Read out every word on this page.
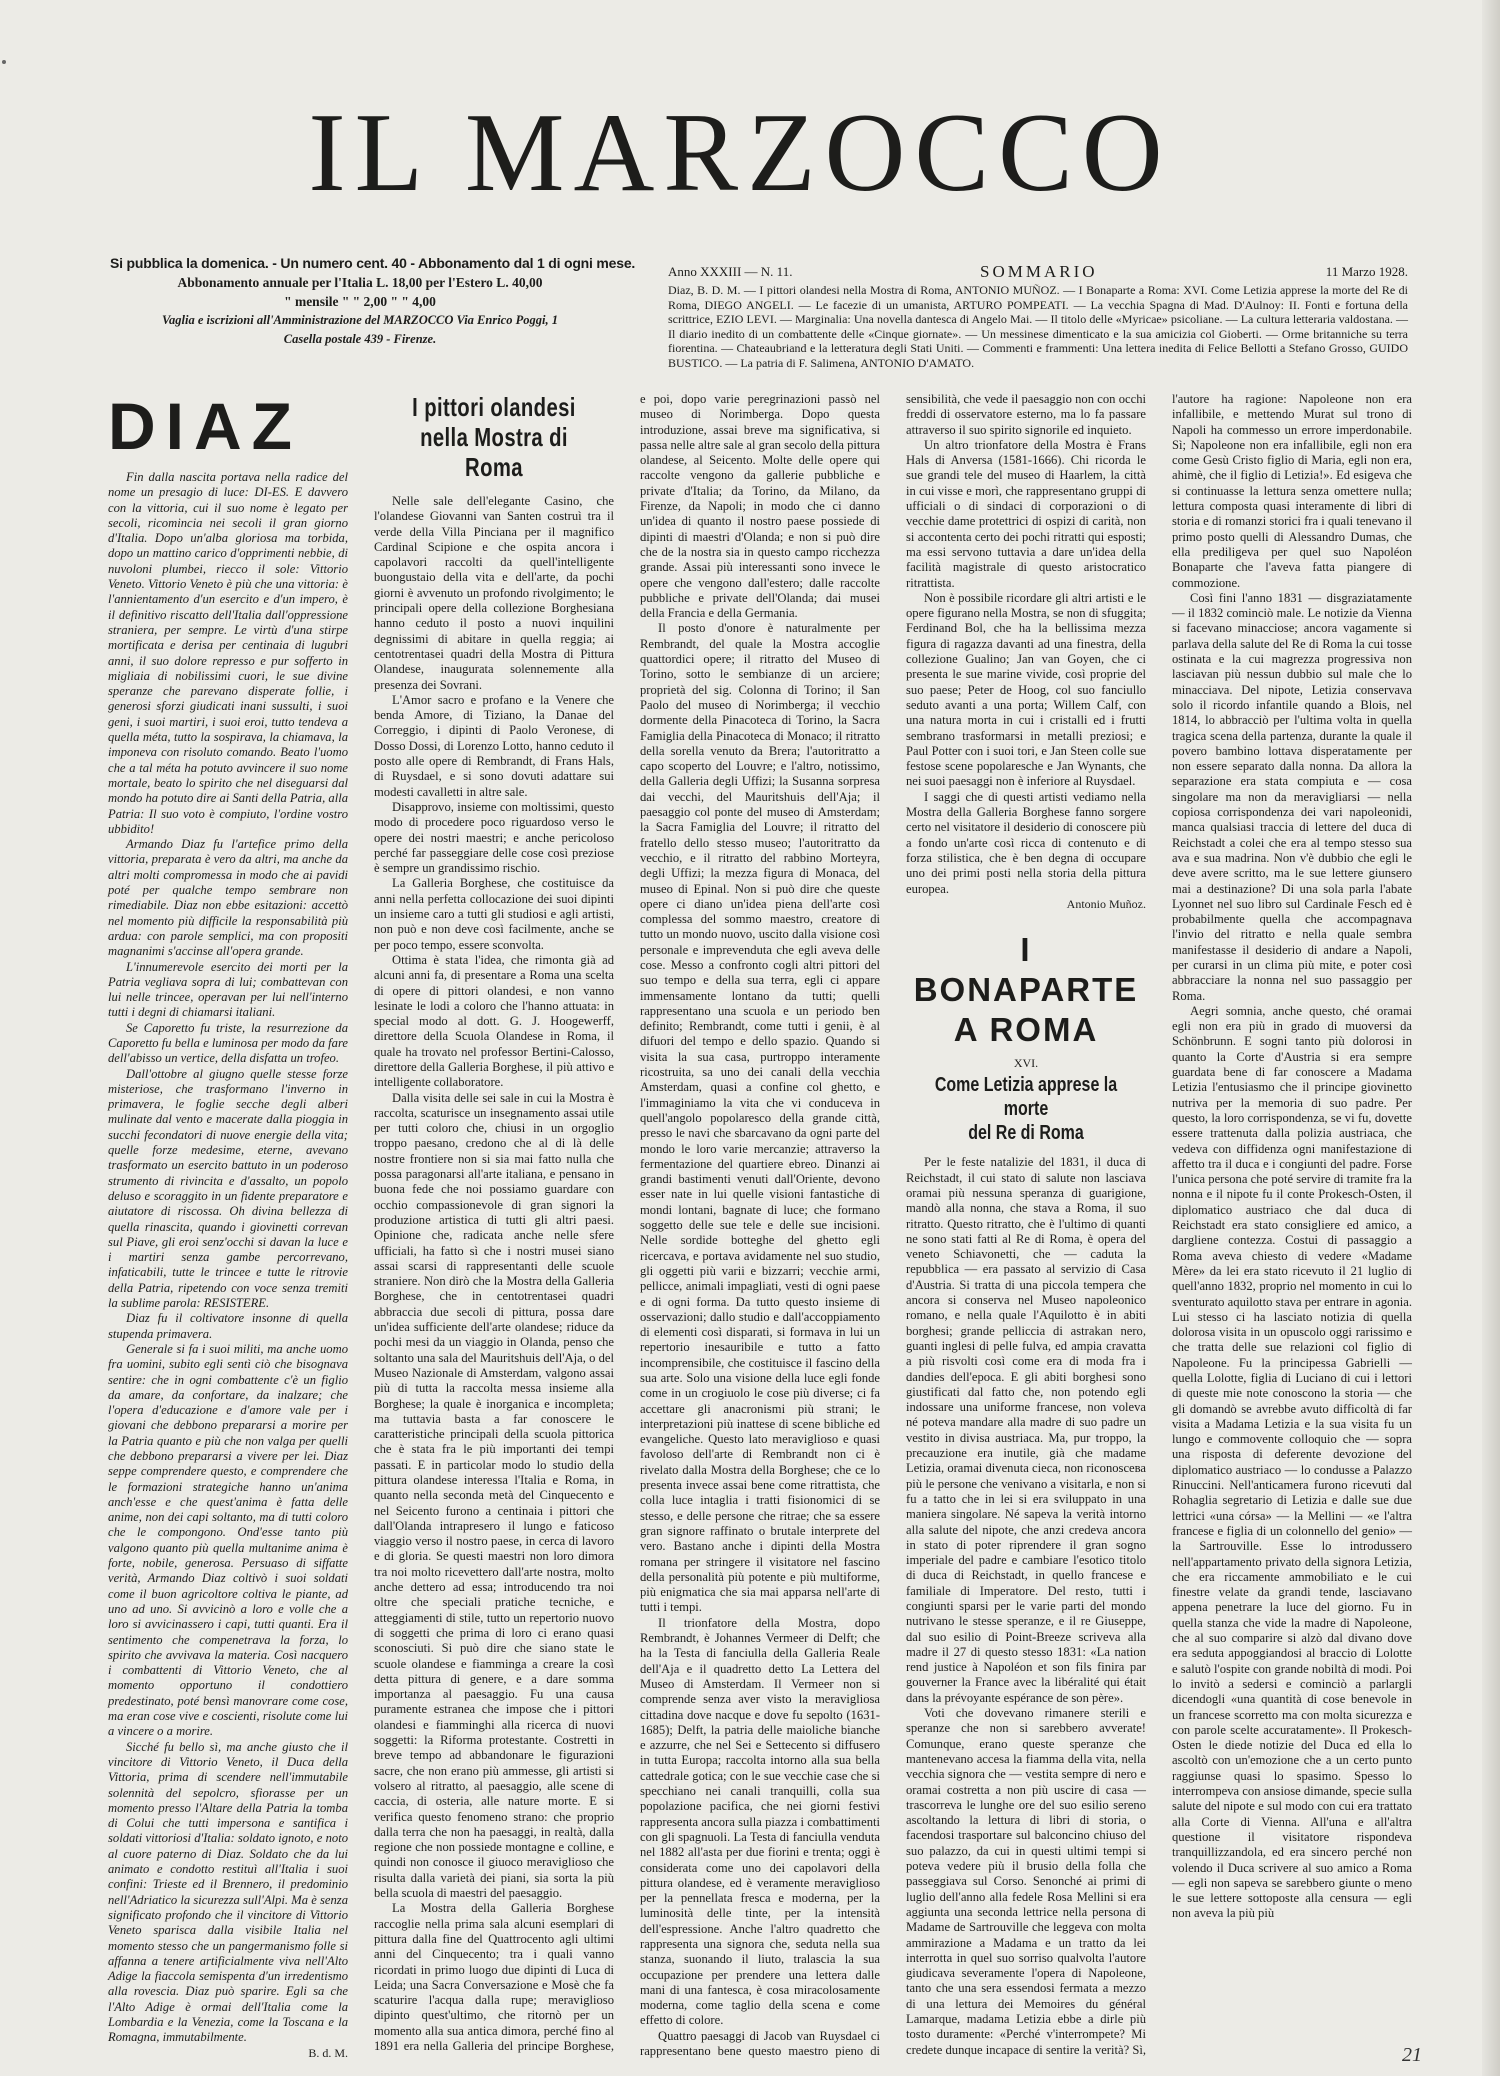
IL MARZOCCO
Si pubblica la domenica. - Un numero cent. 40 - Abbonamento dal 1 di ogni mese.
Abbonamento annuale per l'Italia L. 18,00 per l'Estero L. 40,00
" mensile " " 2,00 " " 4,00
Vaglia e iscrizioni all'Amministrazione del MARZOCCO Via Enrico Poggi, 1
Casella postale 439 - Firenze.
Anno XXXIII — N. 11.	SOMMARIO	11 Marzo 1928.
Diaz, B. D. M. — I pittori olandesi nella Mostra di Roma, ANTONIO MUÑOZ. — I Bonaparte a Roma: XVI. Come Letizia apprese la morte del Re di Roma, DIEGO ANGELI. — Le facezie di un umanista, ARTURO POMPEATI. — La vecchia Spagna di Mad. D'Aulnoy: II. Fonti e fortuna della scrittrice, EZIO LEVI. — Marginalia: Una novella dantesca di Angelo Mai. — Il titolo delle «Myricae» psicoliane. — La cultura letteraria valdostana. — Il diario inedito di un combattente delle «Cinque giornate». — Un messinese dimenticato e la sua amicizia col Gioberti. — Orme britanniche su terra fiorentina. — Chateaubriand e la letteratura degli Stati Uniti. — Commenti e frammenti: Una lettera inedita di Felice Bellotti a Stefano Grosso, GUIDO BUSTICO. — La patria di F. Salimena, ANTONIO D'AMATO.
DIAZ

Fin dalla nascita portava nella radice del nome un presagio di luce: DI-ES. E davvero con la vittoria, cui il suo nome è legato per secoli, ricomincia nei secoli il gran giorno d'Italia. Dopo un'alba gloriosa ma torbida, dopo un mattino carico d'opprimenti nebbie, di nuvoloni plumbei, riecco il sole: Vittorio Veneto. Vittorio Veneto è più che una vittoria: è l'annientamento d'un esercito e d'un impero, è il definitivo riscatto dell'Italia dall'oppressione straniera, per sempre. Le virtù d'una stirpe mortificata e derisa per centinaia di lugubri anni, il suo dolore represso e pur sofferto in migliaia di nobilissimi cuori, le sue divine speranze che parevano disperate follie, i generosi sforzi giudicati inani sussulti, i suoi geni, i suoi martiri, i suoi eroi, tutto tendeva a quella méta, tutto la sospirava, la chiamava, la imponeva con risoluto comando. Beato l'uomo che a tal méta ha potuto avvincere il suo nome mortale, beato lo spirito che nel diseguarsi dal mondo ha potuto dire ai Santi della Patria, alla Patria: Il suo voto è compiuto, l'ordine vostro ubbidito!

Armando Diaz fu l'artefice primo della vittoria, preparata è vero da altri, ma anche da altri molti compromessa in modo che ai pavidi poté per qualche tempo sembrare non rimediabile. Diaz non ebbe esitazioni: accettò nel momento più difficile la responsabilità più ardua: con parole semplici, ma con propositi magnanimi s'accinse all'opera grande.

L'innumerevole esercito dei morti per la Patria vegliava sopra di lui; combattevan con lui nelle trincee, operavan per lui nell'interno tutti i degni di chiamarsi italiani.

Se Caporetto fu triste, la resurrezione da Caporetto fu bella e luminosa per modo da fare dell'abisso un vertice, della disfatta un trofeo.

Dall'ottobre al giugno quelle stesse forze misteriose, che trasformano l'inverno in primavera, le foglie secche degli alberi mulinate dal vento e macerate dalla pioggia in succhi fecondatori di nuove energie della vita; quelle forze medesime, eterne, avevano trasformato un esercito battuto in un poderoso strumento di rivincita e d'assalto, un popolo deluso e scoraggito in un fidente preparatore e aiutatore di riscossa. Oh divina bellezza di quella rinascita, quando i giovinetti correvan sul Piave, gli eroi senz'occhi si davan la luce e i martiri senza gambe percorrevano, infaticabili, tutte le trincee e tutte le ritrovie della Patria, ripetendo con voce senza tremiti la sublime parola: RESISTERE.

Diaz fu il coltivatore insonne di quella stupenda primavera.

Generale si fa i suoi militi, ma anche uomo fra uomini, subito egli sentì ciò che bisognava sentire: che in ogni combattente c'è un figlio da amare, da confortare, da inalzare; che l'opera d'educazione e d'amore vale per i giovani che debbono prepararsi a morire per la Patria quanto e più che non valga per quelli che debbono prepararsi a vivere per lei. Diaz seppe comprendere questo, e comprendere che le formazioni strategiche hanno un'anima anch'esse e che quest'anima è fatta delle anime, non dei capi soltanto, ma di tutti coloro che le compongono. Ond'esse tanto più valgono quanto più quella multanime anima è forte, nobile, generosa. Persuaso di siffatte verità, Armando Diaz coltivò i suoi soldati come il buon agricoltore coltiva le piante, ad uno ad uno. Si avvicinò a loro e volle che a loro si avvicinassero i capi, tutti quanti. Era il sentimento che compenetrava la forza, lo spirito che avvivava la materia. Così nacquero i combattenti di Vittorio Veneto, che al momento opportuno il condottiero predestinato, poté bensì manovrare come cose, ma eran cose vive e coscienti, risolute come lui a vincere o a morire.

Sicché fu bello sì, ma anche giusto che il vincitore di Vittorio Veneto, il Duca della Vittoria, prima di scendere nell'immutabile solennità del sepolcro, sfiorasse per un momento presso l'Altare della Patria la tomba di Colui che tutti impersona e santifica i soldati vittoriosi d'Italia: soldato ignoto, e noto al cuore paterno di Diaz. Soldato che da lui animato e condotto restituì all'Italia i suoi confini: Trieste ed il Brennero, il predominio nell'Adriatico la sicurezza sull'Alpi. Ma è senza significato profondo che il vincitore di Vittorio Veneto sparisca dalla visibile Italia nel momento stesso che un pangermanismo folle si affanna a tenere artificialmente viva nell'Alto Adige la fiaccola semispenta d'un irredentismo alla rovescia. Diaz può sparire. Egli sa che l'Alto Adige è ormai dell'Italia come la Lombardia e la Venezia, come la Toscana e la Romagna, immutabilmente.

B. d. M.

I pittori olandesi
nella Mostra di Roma

Nelle sale dell'elegante Casino, che l'olandese Giovanni van Santen costruì tra il verde della Villa Pinciana per il magnifico Cardinal Scipione e che ospita ancora i capolavori raccolti da quell'intelligente buongustaio della vita e dell'arte, da pochi giorni è avvenuto un profondo rivolgimento; le principali opere della collezione Borghesiana hanno ceduto il posto a nuovi inquilini degnissimi di abitare in quella reggia; ai centotrentasei quadri della Mostra di Pittura Olandese, inaugurata solennemente alla presenza dei Sovrani.

L'Amor sacro e profano e la Venere che benda Amore, di Tiziano, la Danae del Correggio, i dipinti di Paolo Veronese, di Dosso Dossi, di Lorenzo Lotto, hanno ceduto il posto alle opere di Rembrandt, di Frans Hals, di Ruysdael, e si sono dovuti adattare sui modesti cavalletti in altre sale.

Disapprovo, insieme con moltissimi, questo modo di procedere poco riguardoso verso le opere dei nostri maestri; e anche pericoloso perché far passeggiare delle cose così preziose è sempre un grandissimo rischio.

La Galleria Borghese, che costituisce da anni nella perfetta collocazione dei suoi dipinti un insieme caro a tutti gli studiosi e agli artisti, non può e non deve così facilmente, anche se per poco tempo, essere sconvolta.

Ottima è stata l'idea, che rimonta già ad alcuni anni fa, di presentare a Roma una scelta di opere di pittori olandesi, e non vanno lesinate le lodi a coloro che l'hanno attuata: in special modo al dott. G. J. Hoogewerff, direttore della Scuola Olandese in Roma, il quale ha trovato nel professor Bertini-Calosso, direttore della Galleria Borghese, il più attivo e intelligente collaboratore.

Dalla visita delle sei sale in cui la Mostra è raccolta, scaturisce un insegnamento assai utile per tutti coloro che, chiusi in un orgoglio troppo paesano, credono che al di là delle nostre frontiere non si sia mai fatto nulla che possa paragonarsi all'arte italiana, e pensano in buona fede che noi possiamo guardare con occhio compassionevole di gran signori la produzione artistica di tutti gli altri paesi. Opinione che, radicata anche nelle sfere ufficiali, ha fatto sì che i nostri musei siano assai scarsi di rappresentanti delle scuole straniere. Non dirò che la Mostra della Galleria Borghese, che in centotrentasei quadri abbraccia due secoli di pittura, possa dare un'idea sufficiente dell'arte olandese; riduce da pochi mesi da un viaggio in Olanda, penso che soltanto una sala del Mauritshuis dell'Aja, o del Museo Nazionale di Amsterdam, valgono assai più di tutta la raccolta messa insieme alla Borghese; la quale è inorganica e incompleta; ma tuttavia basta a far conoscere le caratteristiche principali della scuola pittorica che è stata fra le più importanti dei tempi passati. E in particolar modo lo studio della pittura olandese interessa l'Italia e Roma, in quanto nella seconda metà del Cinquecento e nel Seicento furono a centinaia i pittori che dall'Olanda intrapresero il lungo e faticoso viaggio verso il nostro paese, in cerca di lavoro e di gloria. Se questi maestri non loro dimora tra noi molto ricevettero dall'arte nostra, molto anche dettero ad essa; introducendo tra noi oltre che speciali pratiche tecniche, e atteggiamenti di stile, tutto un repertorio nuovo di soggetti che prima di loro ci erano quasi sconosciuti. Si può dire che siano state le scuole olandese e fiamminga a creare la così detta pittura di genere, e a dare somma importanza al paesaggio. Fu una causa puramente estranea che impose che i pittori olandesi e fiamminghi alla ricerca di nuovi soggetti: la Riforma protestante. Costretti in breve tempo ad abbandonare le figurazioni sacre, che non erano più ammesse, gli artisti si volsero al ritratto, al paesaggio, alle scene di caccia, di osteria, alle nature morte. E si verifica questo fenomeno strano: che proprio dalla terra che non ha paesaggi, in realtà, dalla regione che non possiede montagne e colline, e quindi non conosce il giuoco meraviglioso che risulta dalla varietà dei piani, sia sorta la più bella scuola di maestri del paesaggio.

La Mostra della Galleria Borghese raccoglie nella prima sala alcuni esemplari di pittura dalla fine del Quattrocento agli ultimi anni del Cinquecento; tra i quali vanno ricordati in primo luogo due dipinti di Luca di Leida; una Sacra Conversazione e Mosè che fa scaturire l'acqua dalla rupe; meraviglioso dipinto quest'ultimo, che ritornò per un momento alla sua antica dimora, perché fino al 1891 era nella Galleria del principe Borghese, e poi, dopo varie peregrinazioni passò nel museo di Norimberga. Dopo questa introduzione, assai breve ma significativa, si passa nelle altre sale al gran secolo della pittura olandese, al Seicento. Molte delle opere qui raccolte vengono da gallerie pubbliche e private d'Italia; da Torino, da Milano, da Firenze, da Napoli; in modo che ci danno un'idea di quanto il nostro paese possiede di dipinti di maestri d'Olanda; e non si può dire che de la nostra sia in questo campo ricchezza grande. Assai più interessanti sono invece le opere che vengono dall'estero; dalle raccolte pubbliche e private dell'Olanda; dai musei della Francia e della Germania.

Il posto d'onore è naturalmente per Rembrandt, del quale la Mostra accoglie quattordici opere; il ritratto del Museo di Torino, sotto le sembianze di un arciere; proprietà del sig. Colonna di Torino; il San Paolo del museo di Norimberga; il vecchio dormente della Pinacoteca di Torino, la Sacra Famiglia della Pinacoteca di Monaco; il ritratto della sorella venuto da Brera; l'autoritratto a capo scoperto del Louvre; e l'altro, notissimo, della Galleria degli Uffizi; la Susanna sorpresa dai vecchi, del Mauritshuis dell'Aja; il paesaggio col ponte del museo di Amsterdam; la Sacra Famiglia del Louvre; il ritratto del fratello dello stesso museo; l'autoritratto da vecchio, e il ritratto del rabbino Morteyra, degli Uffizi; la mezza figura di Monaca, del museo di Epinal. Non si può dire che queste opere ci diano un'idea piena dell'arte così complessa del sommo maestro, creatore di tutto un mondo nuovo, uscito dalla visione così personale e imprevenduta che egli aveva delle cose. Messo a confronto cogli altri pittori del suo tempo e della sua terra, egli ci appare immensamente lontano da tutti; quelli rappresentano una scuola e un periodo ben definito; Rembrandt, come tutti i genii, è al difuori del tempo e dello spazio. Quando si visita la sua casa, purtroppo interamente ricostruita, sa uno dei canali della vecchia Amsterdam, quasi a confine col ghetto, e l'immaginiamo la vita che vi conduceva in quell'angolo popolaresco della grande città, presso le navi che sbarcavano da ogni parte del mondo le loro varie mercanzie; attraverso la fermentazione del quartiere ebreo. Dinanzi ai grandi bastimenti venuti dall'Oriente, devono esser nate in lui quelle visioni fantastiche di mondi lontani, bagnate di luce; che formano soggetto delle sue tele e delle sue incisioni. Nelle sordide botteghe del ghetto egli ricercava, e portava avidamente nel suo studio, gli oggetti più varii e bizzarri; vecchie armi, pellicce, animali impagliati, vesti di ogni paese e di ogni forma. Da tutto questo insieme di osservazioni; dallo studio e dall'accoppiamento di elementi così disparati, si formava in lui un repertorio inesauribile e tutto a fatto incomprensibile, che costituisce il fascino della sua arte. Solo una visione della luce egli fonde come in un crogiuolo le cose più diverse; ci fa accettare gli anacronismi più strani; le interpretazioni più inattese di scene bibliche ed evangeliche. Questo lato meraviglioso e quasi favoloso dell'arte di Rembrandt non ci è rivelato dalla Mostra della Borghese; che ce lo presenta invece assai bene come ritrattista, che colla luce intaglia i tratti fisionomici di se stesso, e delle persone che ritrae; che sa essere gran signore raffinato o brutale interprete del vero. Bastano anche i dipinti della Mostra romana per stringere il visitatore nel fascino della personalità più potente e più multiforme, più enigmatica che sia mai apparsa nell'arte di tutti i tempi.

Il trionfatore della Mostra, dopo Rembrandt, è Johannes Vermeer di Delft; che ha la Testa di fanciulla della Galleria Reale dell'Aja e il quadretto detto La Lettera del Museo di Amsterdam. Il Vermeer non si comprende senza aver visto la meravigliosa cittadina dove nacque e dove fu sepolto (1631-1685); Delft, la patria delle maioliche bianche e azzurre, che nel Sei e Settecento si diffusero in tutta Europa; raccolta intorno alla sua bella cattedrale gotica; con le sue vecchie case che si specchiano nei canali tranquilli, colla sua popolazione pacifica, che nei giorni festivi rappresenta ancora sulla piazza i combattimenti con gli spagnuoli. La Testa di fanciulla venduta nel 1882 all'asta per due fiorini e trenta; oggi è considerata come uno dei capolavori della pittura olandese, ed è veramente meraviglioso per la pennellata fresca e moderna, per la luminosità delle tinte, per la intensità dell'espressione. Anche l'altro quadretto che rappresenta una signora che, seduta nella sua stanza, suonando il liuto, tralascia la sua occupazione per prendere una lettera dalle mani di una fantesca, è cosa miracolosamente moderna, come taglio della scena e come effetto di colore.

Quattro paesaggi di Jacob van Ruysdael ci rappresentano bene questo maestro pieno di sensibilità, che vede il paesaggio non con occhi freddi di osservatore esterno, ma lo fa passare attraverso il suo spirito signorile ed inquieto.

Un altro trionfatore della Mostra è Frans Hals di Anversa (1581-1666). Chi ricorda le sue grandi tele del museo di Haarlem, la città in cui visse e morì, che rappresentano gruppi di ufficiali o di sindaci di corporazioni o di vecchie dame protettrici di ospizi di carità, non si accontenta certo dei pochi ritratti qui esposti; ma essi servono tuttavia a dare un'idea della facilità magistrale di questo aristocratico ritrattista.

Non è possibile ricordare gli altri artisti e le opere figurano nella Mostra, se non di sfuggita; Ferdinand Bol, che ha la bellissima mezza figura di ragazza davanti ad una finestra, della collezione Gualino; Jan van Goyen, che ci presenta le sue marine vivide, così proprie del suo paese; Peter de Hoog, col suo fanciullo seduto avanti a una porta; Willem Calf, con una natura morta in cui i cristalli ed i frutti sembrano trasformarsi in metalli preziosi; e Paul Potter con i suoi tori, e Jan Steen colle sue festose scene popolaresche e Jan Wynants, che nei suoi paesaggi non è inferiore al Ruysdael.

I saggi che di questi artisti vediamo nella Mostra della Galleria Borghese fanno sorgere certo nel visitatore il desiderio di conoscere più a fondo un'arte così ricca di contenuto e di forza stilistica, che è ben degna di occupare uno dei primi posti nella storia della pittura europea.

Antonio Muñoz.

I BONAPARTE
A ROMA
XVI.
Come Letizia apprese la morte
del Re di Roma

Per le feste natalizie del 1831, il duca di Reichstadt, il cui stato di salute non lasciava oramai più nessuna speranza di guarigione, mandò alla nonna, che stava a Roma, il suo ritratto. Questo ritratto, che è l'ultimo di quanti ne sono stati fatti al Re di Roma, è opera del veneto Schiavonetti, che — caduta la repubblica — era passato al servizio di Casa d'Austria. Si tratta di una piccola tempera che ancora si conserva nel Museo napoleonico romano, e nella quale l'Aquilotto è in abiti borghesi; grande pelliccia di astrakan nero, guanti inglesi di pelle fulva, ed ampia cravatta a più risvolti così come era di moda fra i dandies dell'epoca. E gli abiti borghesi sono giustificati dal fatto che, non potendo egli indossare una uniforme francese, non voleva né poteva mandare alla madre di suo padre un vestito in divisa austriaca. Ma, pur troppo, la precauzione era inutile, già che madame Letizia, oramai divenuta cieca, non riconoscева più le persone che venivano a visitarla, e non si fu a tatto che in lei si era sviluppato in una maniera singolare. Né sapeva la verità intorno alla salute del nipote, che anzi credeva ancora in stato di poter riprendere il gran sogno imperiale del padre e cambiare l'esotico titolo di duca di Reichstadt, in quello francese e familiale di Imperatore. Del resto, tutti i congiunti sparsi per le varie parti del mondo nutrivano le stesse speranze, e il re Giuseppe, dal suo esilio di Point-Breeze scriveva alla madre il 27 di questo stesso 1831: «La nation rend justice à Napoléon et son fils finira par gouverner la France avec la libéralité qui était dans la prévoyante espérance de son père».

Voti che dovevano rimanere sterili e speranze che non si sarebbero avverate! Comunque, erano queste speranze che mantenevano accesa la fiamma della vita, nella vecchia signora che — vestita sempre di nero e oramai costretta a non più uscire di casa — trascorreva le lunghe ore del suo esilio sereno ascoltando la lettura di libri di storia, o facendosi trasportare sul balconcino chiuso del suo palazzo, da cui in questi ultimi tempi si poteva vedere più il brusio della folla che passeggiava sul Corso. Senonché ai primi di luglio dell'anno alla fedele Rosa Mellini si era aggiunta una seconda lettrice nella persona di Madame de Sartrouville che leggeva con molta ammirazione a Madama e un tratto da lei interrotta in quel suo sorriso qualvolta l'autore giudicava severamente l'opera di Napoleone, tanto che una sera essendosi fermata a mezzo di una lettura dei Memoires du général Lamarque, madama Letizia ebbe a dirle più tosto duramente: «Perché v'interrompete? Mi credete dunque incapace di sentire la verità? Sì, l'autore ha ragione: Napoleone non era infallibile, e mettendo Murat sul trono di Napoli ha commesso un errore imperdonabile. Sì; Napoleone non era infallibile, egli non era come Gesù Cristo figlio di Maria, egli non era, ahimè, che il figlio di Letizia!». Ed esigeva che si continuasse la lettura senza omettere nulla; lettura composta quasi interamente di libri di storia e di romanzi storici fra i quali tenevano il primo posto quelli di Alessandro Dumas, che ella prediligeva per quel suo Napoléon Bonaparte che l'aveva fatta piangere di commozione.

Così fini l'anno 1831 — disgraziatamente — il 1832 cominciò male. Le notizie da Vienna si facevano minacciose; ancora vagamente si parlava della salute del Re di Roma la cui tosse ostinata e la cui magrezza progressiva non lasciavan più nessun dubbio sul male che lo minacciava. Del nipote, Letizia conservava solo il ricordo infantile quando a Blois, nel 1814, lo abbracciò per l'ultima volta in quella tragica scena della partenza, durante la quale il povero bambino lottava disperatamente per non essere separato dalla nonna. Da allora la separazione era stata compiuta e — cosa singolare ma non da meravigliarsi — nella copiosa corrispondenza dei vari napoleonidi, manca qualsiasi traccia di lettere del duca di Reichstadt a colei che era al tempo stesso sua ava e sua madrina. Non v'è dubbio che egli le deve avere scritto, ma le sue lettere giunsero mai a destinazione? Di una sola parla l'abate Lyonnet nel suo libro sul Cardinale Fesch ed è probabilmente quella che accompagnava l'invio del ritratto e nella quale sembra manifestasse il desiderio di andare a Napoli, per curarsi in un clima più mite, e poter così abbracciare la nonna nel suo passaggio per Roma.

Aegri somnia, anche questo, ché oramai egli non era più in grado di muoversi da Schönbrunn. E sogni tanto più dolorosi in quanto la Corte d'Austria si era sempre guardata bene di far conoscere a Madama Letizia l'entusiasmo che il principe giovinetto nutriva per la memoria di suo padre. Per questo, la loro corrispondenza, se vi fu, dovette essere trattenuta dalla polizia austriaca, che vedeva con diffidenza ogni manifestazione di affetto tra il duca e i congiunti del padre. Forse l'unica persona che poté servire di tramite fra la nonna e il nipote fu il conte Prokesch-Osten, il diplomatico austriaco che dal duca di Reichstadt era stato consigliere ed amico, a dargliene contezza. Costui di passaggio a Roma aveva chiesto di vedere «Madame Mère» da lei era stato ricevuto il 21 luglio di quell'anno 1832, proprio nel momento in cui lo sventurato aquilotto stava per entrare in agonia. Lui stesso ci ha lasciato notizia di quella dolorosa visita in un opuscolo oggi rarissimo e che tratta delle sue relazioni col figlio di Napoleone. Fu la principessa Gabrielli — quella Lolotte, figlia di Luciano di cui i lettori di queste mie note conoscono la storia — che gli domandò se avrebbe avuto difficoltà di far visita a Madama Letizia e la sua visita fu un lungo e commovente colloquio che — sopra una risposta di deferente devozione del diplomatico austriaco — lo condusse a Palazzo Rinuccini. Nell'anticamera furono ricevuti dal Rohaglia segretario di Letizia e dalle sue due lettrici «una córsa» — la Mellini — «e l'altra francese e figlia di un colonnello del genio» — la Sartrouville. Esse lo introdussero nell'appartamento privato della signora Letizia, che era riccamente ammobiliato e le cui finestre velate da grandi tende, lasciavano appena penetrare la luce del giorno. Fu in quella stanza che vide la madre di Napoleone, che al suo comparire si alzò dal divano dove era seduta appoggiandosi al braccio di Lolotte e salutò l'ospite con grande nobiltà di modi. Poi lo invitò a sedersi e cominciò a parlargli dicendogli «una quantità di cose benevole in un francese scorretto ma con molta sicurezza e con parole scelte accuratamente». Il Prokesch-Osten le diede notizie del Duca ed ella lo ascoltò con un'emozione che a un certo punto raggiunse quasi lo spasimo. Spesso lo interrompeva con ansiose dimande, specie sulla salute del nipote e sul modo con cui era trattato alla Corte di Vienna. All'una e all'altra questione il visitatore rispondeva tranquillizzandola, ed era sincero perché non volendo il Duca scrivere al suo amico a Roma — egli non sapeva se sarebbero giunte o meno le sue lettere sottoposte alla censura — egli non aveva la più più

21
